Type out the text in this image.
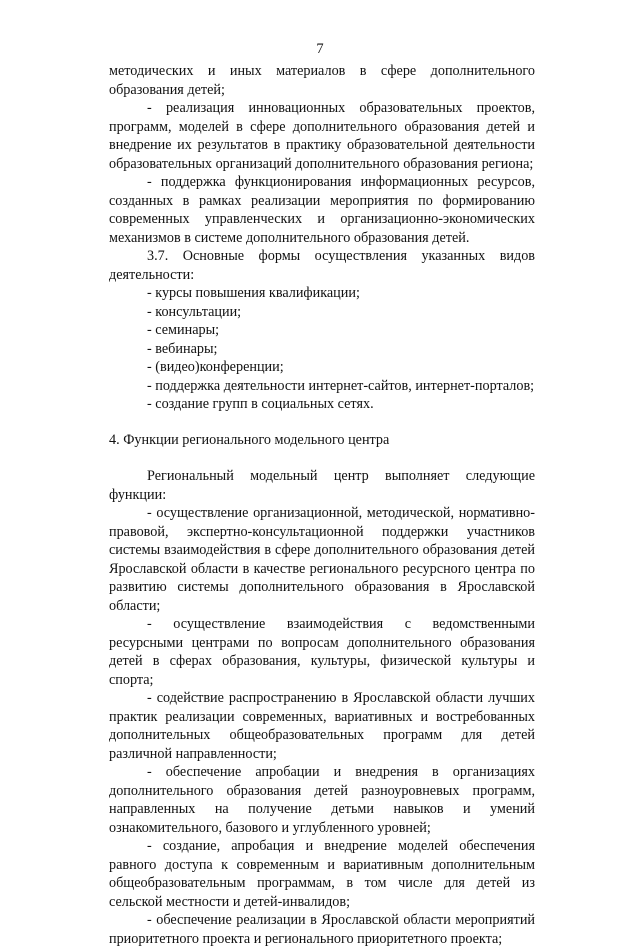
7

методических и иных материалов в сфере дополнительного образования детей;

- реализация инновационных образовательных проектов, программ, моделей в сфере дополнительного образования детей и внедрение их результатов в практику образовательной деятельности образовательных организаций дополнительного образования региона;

- поддержка функционирования информационных ресурсов, созданных в рамках реализации мероприятия по формированию современных управленческих и организационно-экономических механизмов в системе дополнительного образования детей.

3.7. Основные формы осуществления указанных видов деятельности:

- курсы повышения квалификации;

- консультации;

- семинары;

- вебинары;

- (видео)конференции;

- поддержка деятельности интернет-сайтов, интернет-порталов;

- создание групп в социальных сетях.

4. Функции регионального модельного центра

Региональный модельный центр выполняет следующие функции:

- осуществление организационной, методической, нормативно-правовой, экспертно-консультационной поддержки участников системы взаимодействия в сфере дополнительного образования детей Ярославской области в качестве регионального ресурсного центра по развитию системы дополнительного образования в Ярославской области;

- осуществление взаимодействия с ведомственными ресурсными центрами по вопросам дополнительного образования детей в сферах образования, культуры, физической культуры и спорта;

- содействие распространению в Ярославской области лучших практик реализации современных, вариативных и востребованных дополнительных общеобразовательных программ для детей различной направленности;

- обеспечение апробации и внедрения в организациях дополнительного образования детей разноуровневых программ, направленных на получение детьми навыков и умений ознакомительного, базового и углубленного уровней;

- создание, апробация и внедрение моделей обеспечения равного доступа к современным и вариативным дополнительным общеобразовательным программам, в том числе для детей из сельской местности и детей-инвалидов;

- обеспечение реализации в Ярославской области мероприятий приоритетного проекта и регионального приоритетного проекта;
